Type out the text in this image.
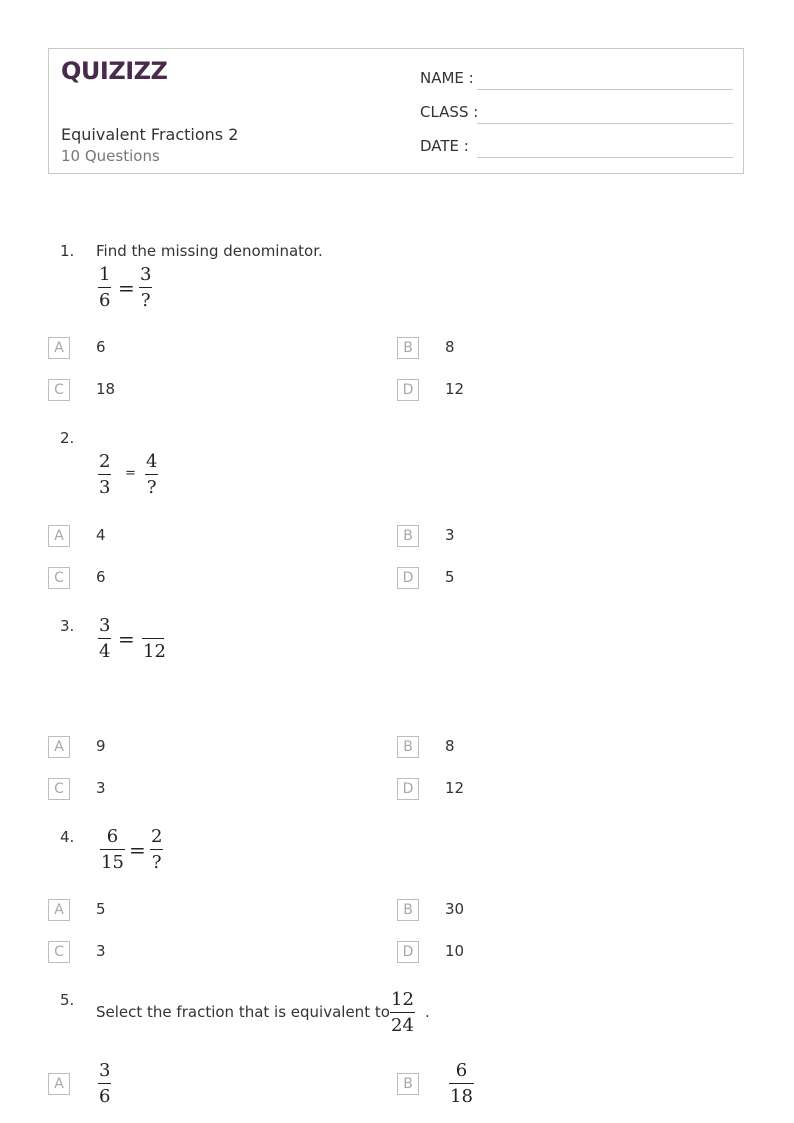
QUIZIZZ
Equivalent Fractions 2
10 Questions
NAME :
CLASS :
DATE :
1. Find the missing denominator.
1
6
=
3
?
A	6	B	8
C	18	D	12
2.
2
3
=
4
?
A	4	B	3
C	6	D	5
3. 3
4
=
12
A	9	B	8
C	3	D	12
4.	6
15
=
2
?
A	5	B	30
C	3	D	10
5.
Select the fraction that is equivalent to
12
24
.
A
3
6
B
6
18
